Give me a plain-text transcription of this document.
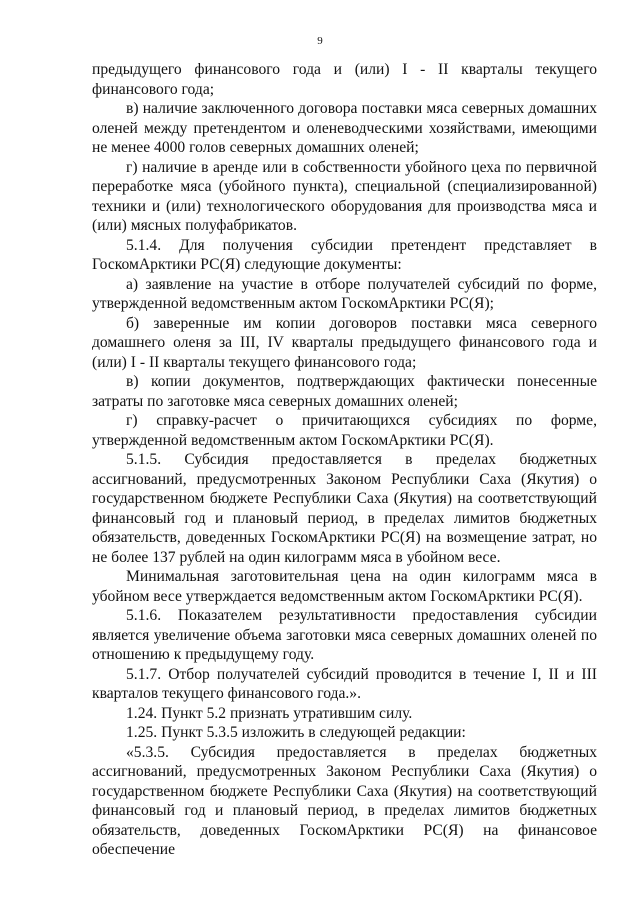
9

предыдущего финансового года и (или) I - II кварталы текущего финансового года;

в) наличие заключенного договора поставки мяса северных домашних оленей между претендентом и оленеводческими хозяйствами, имеющими не менее 4000 голов северных домашних оленей;

г) наличие в аренде или в собственности убойного цеха по первичной переработке мяса (убойного пункта), специальной (специализированной) техники и (или) технологического оборудования для производства мяса и (или) мясных полуфабрикатов.

5.1.4. Для получения субсидии претендент представляет в ГоскомАрктики РС(Я) следующие документы:

а) заявление на участие в отборе получателей субсидий по форме, утвержденной ведомственным актом ГоскомАрктики РС(Я);

б) заверенные им копии договоров поставки мяса северного домашнего оленя за III, IV кварталы предыдущего финансового года и (или) I - II кварталы текущего финансового года;

в) копии документов, подтверждающих фактически понесенные затраты по заготовке мяса северных домашних оленей;

г) справку-расчет о причитающихся субсидиях по форме, утвержденной ведомственным актом ГоскомАрктики РС(Я).

5.1.5. Субсидия предоставляется в пределах бюджетных ассигнований, предусмотренных Законом Республики Саха (Якутия) о государственном бюджете Республики Саха (Якутия) на соответствующий финансовый год и плановый период, в пределах лимитов бюджетных обязательств, доведенных ГоскомАрктики РС(Я) на возмещение затрат, но не более 137 рублей на один килограмм мяса в убойном весе.

Минимальная заготовительная цена на один килограмм мяса в убойном весе утверждается ведомственным актом ГоскомАрктики РС(Я).

5.1.6. Показателем результативности предоставления субсидии является увеличение объема заготовки мяса северных домашних оленей по отношению к предыдущему году.

5.1.7. Отбор получателей субсидий проводится в течение I, II и III кварталов текущего финансового года.».

1.24. Пункт 5.2 признать утратившим силу.

1.25. Пункт 5.3.5 изложить в следующей редакции:

«5.3.5. Субсидия предоставляется в пределах бюджетных ассигнований, предусмотренных Законом Республики Саха (Якутия) о государственном бюджете Республики Саха (Якутия) на соответствующий финансовый год и плановый период, в пределах лимитов бюджетных обязательств, доведенных ГоскомАрктики РС(Я) на финансовое обеспечение
